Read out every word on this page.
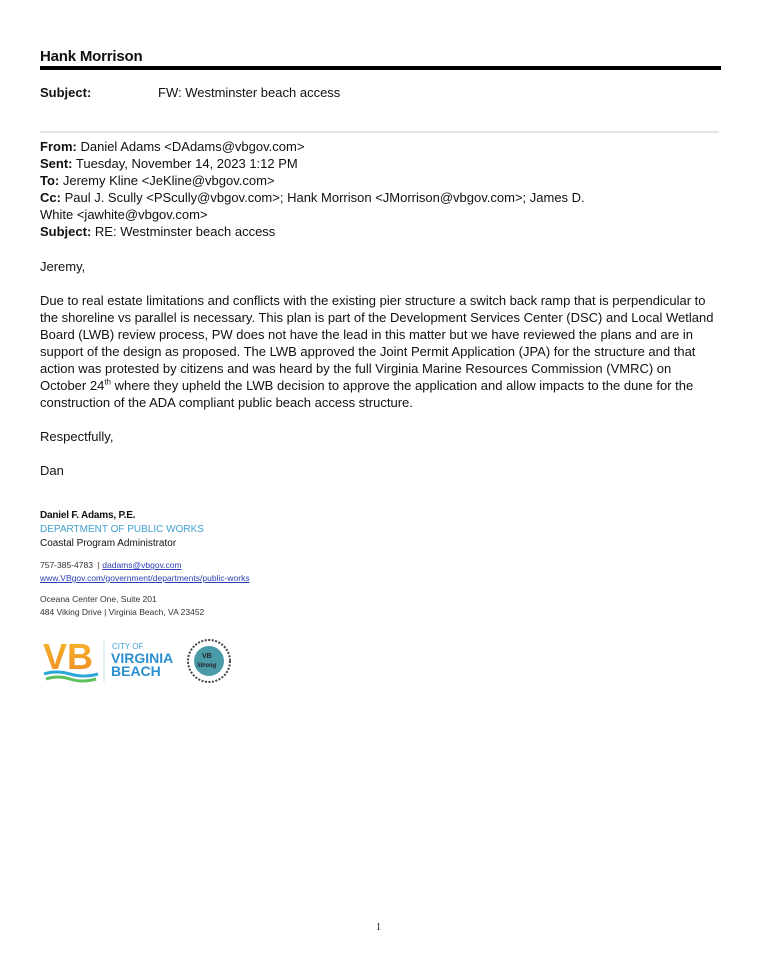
Hank Morrison
Subject:	FW: Westminster beach access
From: Daniel Adams <DAdams@vbgov.com>
Sent: Tuesday, November 14, 2023 1:12 PM
To: Jeremy Kline <JeKline@vbgov.com>
Cc: Paul J. Scully <PScully@vbgov.com>; Hank Morrison <JMorrison@vbgov.com>; James D. White <jawhite@vbgov.com>
Subject: RE: Westminster beach access

Jeremy,

Due to real estate limitations and conflicts with the existing pier structure a switch back ramp that is perpendicular to the shoreline vs parallel is necessary. This plan is part of the Development Services Center (DSC) and Local Wetland Board (LWB) review process, PW does not have the lead in this matter but we have reviewed the plans and are in support of the design as proposed. The LWB approved the Joint Permit Application (JPA) for the structure and that action was protested by citizens and was heard by the full Virginia Marine Resources Commission (VMRC) on October 24th where they upheld the LWB decision to approve the application and allow impacts to the dune for the construction of the ADA compliant public beach access structure.

Respectfully,

Dan

Daniel F. Adams, P.E.
DEPARTMENT OF PUBLIC WORKS
Coastal Program Administrator
757-385-4783 | dadams@vbgov.com
www.VBgov.com/government/departments/public-works
Oceana Center One, Suite 201
484 Viking Drive | Virginia Beach, VA 23452
VB CITY OF
VIRGINIA
BEACH
VB
Strong
1
